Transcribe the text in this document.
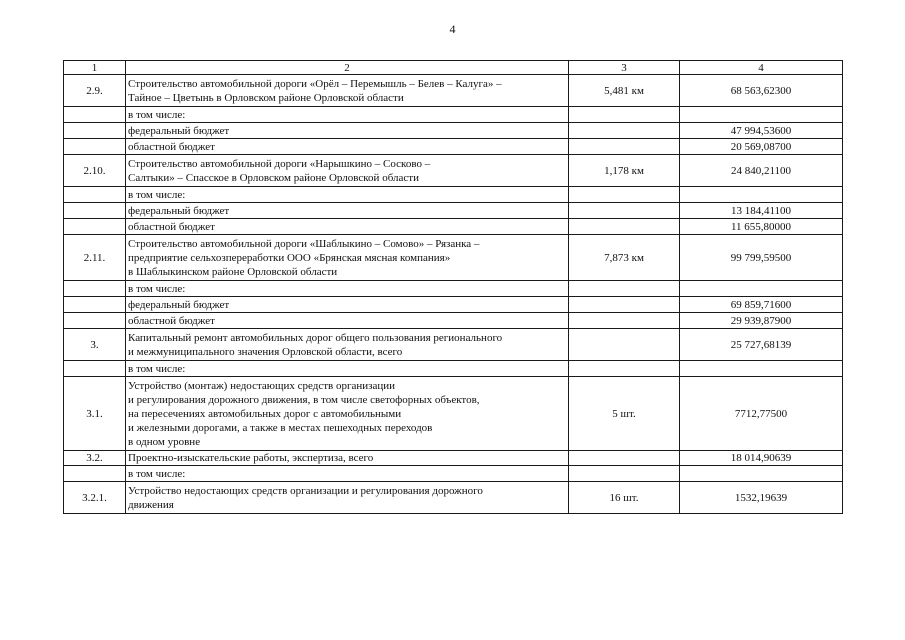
4
1	2	3	4
2.9.	Строительство автомобильной дороги «Орёл – Перемышль – Белев – Калуга» –
Тайное – Цветынь в Орловском районе Орловской области	5,481 км	68 563,62300

	в том числе:		

	федеральный бюджет		47 994,53600

	областной бюджет		20 569,08700
2.10.	Строительство автомобильной дороги «Нарышкино – Сосково –
Салтыки» – Спасское в Орловском районе Орловской области	1,178 км	24 840,21100

	в том числе:		

	федеральный бюджет		13 184,41100

	областной бюджет		11 655,80000
2.11.	Строительство автомобильной дороги «Шаблыкино – Сомово» – Рязанка –
предприятие сельхозпереработки ООО «Брянская мясная компания»
в Шаблыкинском районе Орловской области	7,873 км	99 799,59500

	в том числе:		

	федеральный бюджет		69 859,71600

	областной бюджет		29 939,87900
3.	Капитальный ремонт автомобильных дорог общего пользования регионального
и межмуниципального значения Орловской области, всего		25 727,68139

	в том числе:		

3.1.	Устройство (монтаж) недостающих средств организации
и регулирования дорожного движения, в том числе светофорных объектов,
на пересечениях автомобильных дорог с автомобильными
и железными дорогами, а также в местах пешеходных переходов
в одном уровне	5 шт.	7712,77500
3.2.	Проектно-изыскательские работы, экспертиза, всего		18 014,90639

	в том числе:		

3.2.1.	Устройство недостающих средств организации и регулирования дорожного
движения	16 шт.	1532,19639
